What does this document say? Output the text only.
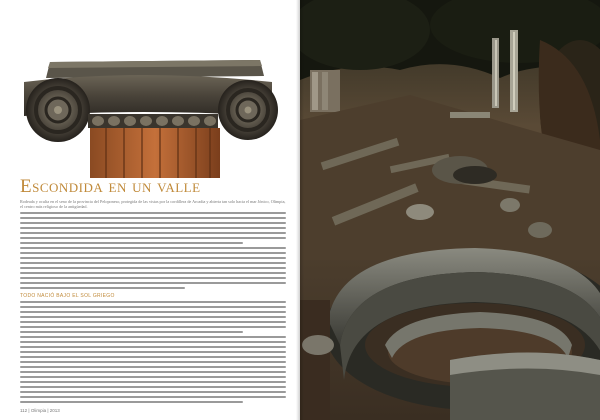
Escondida en un valle
Rodeada y oculta en el seno de la provincia del Peloponeso, protegida de las vistas por la cordillera de Arcadia y abierta tan solo hacia el mar Jónico, Olimpia, el centro más religioso de la antigüedad.
TODO NACIÓ BAJO EL SOL GRIEGO
112 | Olimpia | 2013
